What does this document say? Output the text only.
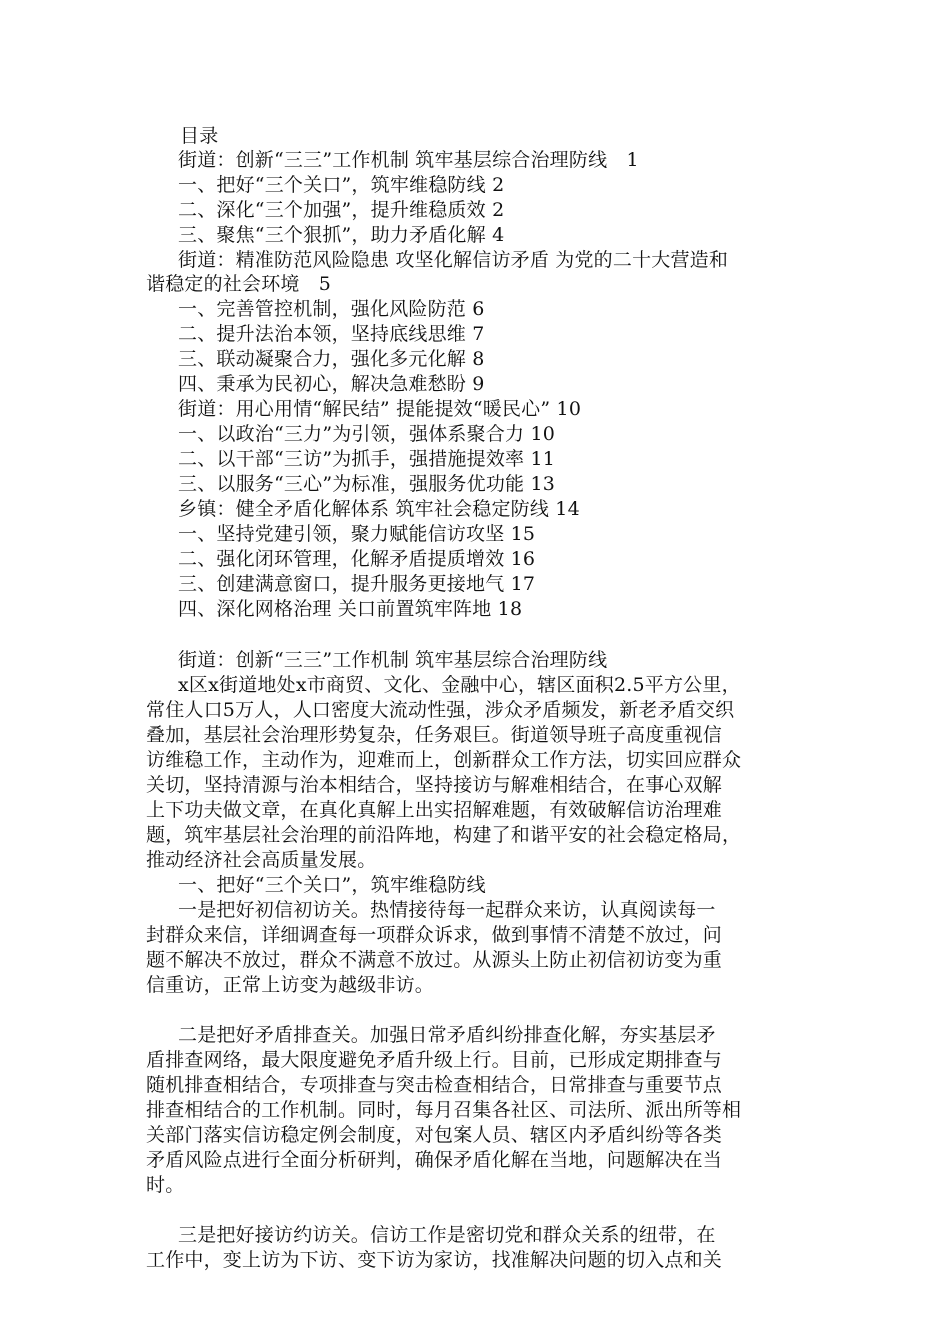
目录
街道：创新“三三”工作机制 筑牢基层综合治理防线　1
一、把好“三个关口”，筑牢维稳防线 2
二、深化“三个加强”，提升维稳质效 2
三、聚焦“三个狠抓”，助力矛盾化解 4
街道：精准防范风险隐患 攻坚化解信访矛盾 为党的二十大营造和
谐稳定的社会环境　5
一、完善管控机制，强化风险防范 6
二、提升法治本领，坚持底线思维 7
三、联动凝聚合力，强化多元化解 8
四、秉承为民初心，解决急难愁盼 9
街道：用心用情“解民结” 提能提效“暖民心” 10
一、以政治“三力”为引领，强体系聚合力 10
二、以干部“三访”为抓手，强措施提效率 11
三、以服务“三心”为标准，强服务优功能 13
乡镇：健全矛盾化解体系 筑牢社会稳定防线 14
一、坚持党建引领，聚力赋能信访攻坚 15
二、强化闭环管理，化解矛盾提质增效 16
三、创建满意窗口，提升服务更接地气 17
四、深化网格治理 关口前置筑牢阵地 18
街道：创新“三三”工作机制 筑牢基层综合治理防线
x区x街道地处x市商贸、文化、金融中心，辖区面积2.5平方公里，
常住人口5万人，人口密度大流动性强，涉众矛盾频发，新老矛盾交织
叠加，基层社会治理形势复杂，任务艰巨。街道领导班子高度重视信
访维稳工作，主动作为，迎难而上，创新群众工作方法，切实回应群众
关切，坚持清源与治本相结合，坚持接访与解难相结合，在事心双解
上下功夫做文章，在真化真解上出实招解难题，有效破解信访治理难
题，筑牢基层社会治理的前沿阵地，构建了和谐平安的社会稳定格局，
推动经济社会高质量发展。
一、把好“三个关口”，筑牢维稳防线
一是把好初信初访关。热情接待每一起群众来访，认真阅读每一
封群众来信，详细调查每一项群众诉求，做到事情不清楚不放过，问
题不解决不放过，群众不满意不放过。从源头上防止初信初访变为重
信重访，正常上访变为越级非访。
二是把好矛盾排查关。加强日常矛盾纠纷排查化解，夯实基层矛
盾排查网络，最大限度避免矛盾升级上行。目前，已形成定期排查与
随机排查相结合，专项排查与突击检查相结合，日常排查与重要节点
排查相结合的工作机制。同时，每月召集各社区、司法所、派出所等相
关部门落实信访稳定例会制度，对包案人员、辖区内矛盾纠纷等各类
矛盾风险点进行全面分析研判，确保矛盾化解在当地，问题解决在当
时。
三是把好接访约访关。信访工作是密切党和群众关系的纽带，在
工作中，变上访为下访、变下访为家访，找准解决问题的切入点和关
